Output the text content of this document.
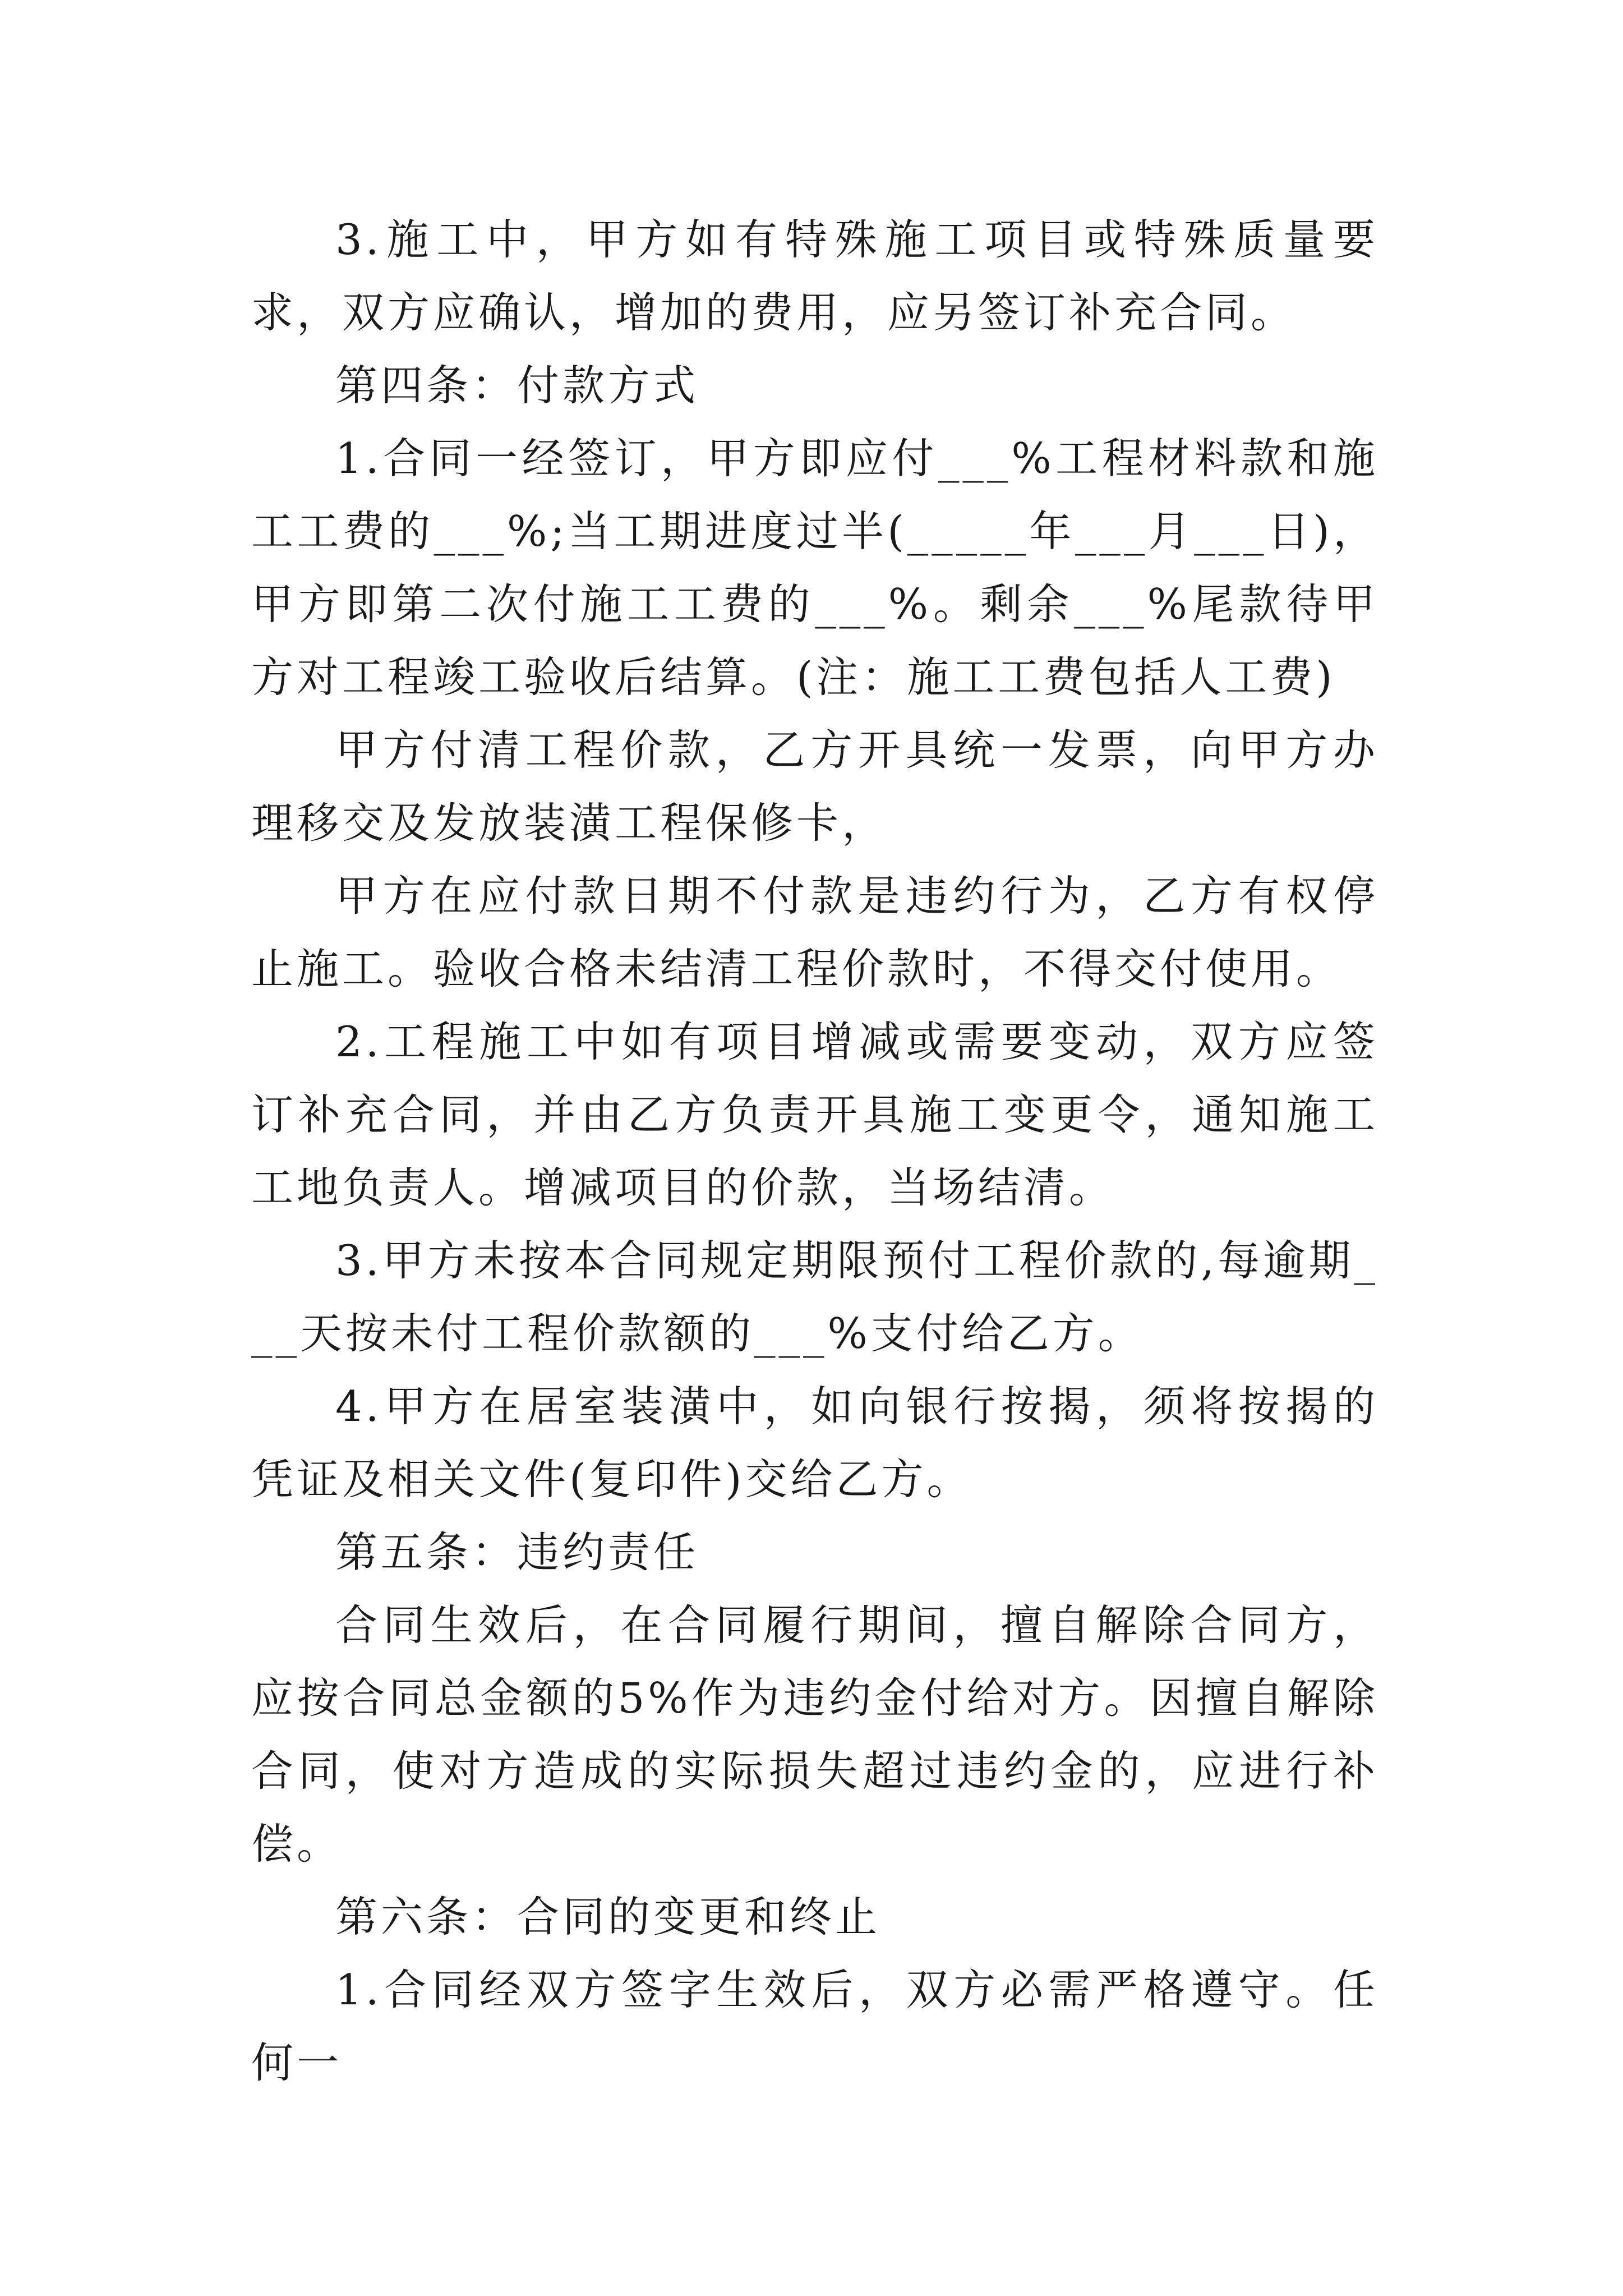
3.施工中，甲方如有特殊施工项目或特殊质量要求，双方应确认，增加的费用，应另签订补充合同。

第四条：付款方式

1.合同一经签订，甲方即应付___%工程材料款和施工工费的___%;当工期进度过半(_____年___月___日)，甲方即第二次付施工工费的___%。剩余___%尾款待甲方对工程竣工验收后结算。(注：施工工费包括人工费)

甲方付清工程价款，乙方开具统一发票，向甲方办理移交及发放装潢工程保修卡，

甲方在应付款日期不付款是违约行为，乙方有权停止施工。验收合格未结清工程价款时，不得交付使用。

2.工程施工中如有项目增减或需要变动，双方应签订补充合同，并由乙方负责开具施工变更令，通知施工工地负责人。增减项目的价款，当场结清。

3.甲方未按本合同规定期限预付工程价款的,每逾期___天按未付工程价款额的___%支付给乙方。

4.甲方在居室装潢中，如向银行按揭，须将按揭的凭证及相关文件(复印件)交给乙方。

第五条：违约责任

合同生效后，在合同履行期间，擅自解除合同方，应按合同总金额的5%作为违约金付给对方。因擅自解除合同，使对方造成的实际损失超过违约金的，应进行补偿。

第六条：合同的变更和终止

1.合同经双方签字生效后，双方必需严格遵守。任何一
